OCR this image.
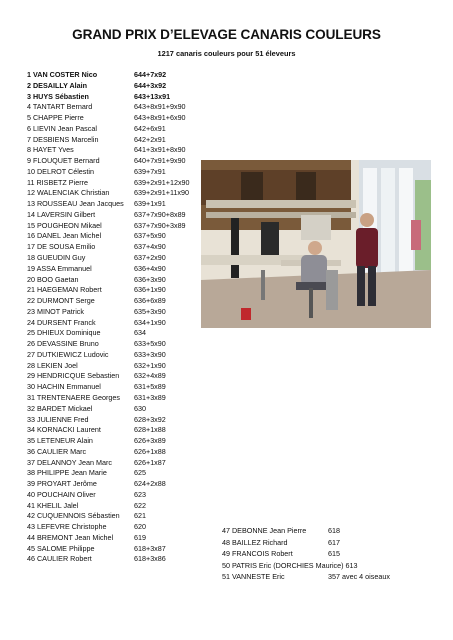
GRAND PRIX D’ELEVAGE CANARIS COULEURS

1217 canaris couleurs pour 51 éleveurs

1 VAN COSTER Nico	644+7x92
2 DESAILLY Alain	644+3x92
3 HUYS Sébastien	643+13x91
4 TANTART Bernard	643+8x91+9x90
5 CHAPPE Pierre	643+8x91+6x90
6 LIEVIN Jean Pascal	642+6x91
7 DESBIENS Marcelin	642+2x91
8 HAYET Yves	641+3x91+8x90
9 FLOUQUET Bernard	640+7x91+9x90
10 DELROT Célestin	639+7x91
11 RISBETZ Pierre	639+2x91+12x90
12 WALENCIAK Christian	639+2x91+11x90
13 ROUSSEAU Jean Jacques 639+1x91
14 LAVERSIN Gilbert	637+7x90+8x89
15 POUGHEON Mikael	637+7x90+3x89
16 DANEL Jean Michel	637+5x90
17 DE SOUSA Emilio	637+4x90
18 GUEUDIN Guy	637+2x90
19 ASSA Emmanuel	636+4x90
20 BOO Gaetan	636+3x90
21 HAEGEMAN Robert	636+1x90
22 DURMONT Serge	636+6x89
23 MINOT Patrick	635+3x90
24 DURSENT Franck	634+1x90
25 DHIEUX Dominique	634
26 DEVASSINE Bruno	633+5x90
27 DUTKIEWICZ Ludovic	633+3x90
28 LEKIEN Joel	632+1x90
29 HENDRICQUE Sebastien 632+4x89
30 HACHIN Emmanuel	631+5x89
31 TRENTENAERE Georges 631+3x89
32 BARDET Mickael	630
33 JULIENNE Fred	628+3x92
34 KORNACKI Laurent	628+1x88
35 LETENEUR Alain	626+3x89
36 CAULIER Marc	626+1x88
37 DELANNOY Jean Marc	626+1x87
38 PHILIPPE Jean Marie	625
39 PROYART Jerôme	624+2x88
40 POUCHAIN Oliver	623
41 KHELIL Jalel	622
42 CUQUENNOIS Sébastien 621
43 LEFEVRE Christophe	620
44 BREMONT Jean Michel	619
45 SALOME Philippe	618+3x87
46 CAULIER Robert	618+3x86
47 DEBONNE Jean Pierre	618
48 BAILLEZ Richard	617
49 FRANCOIS Robert	615
50 PATRIS Eric (DORCHIES Maurice) 613
51 VANNESTE Eric	357 avec 4 oiseaux
